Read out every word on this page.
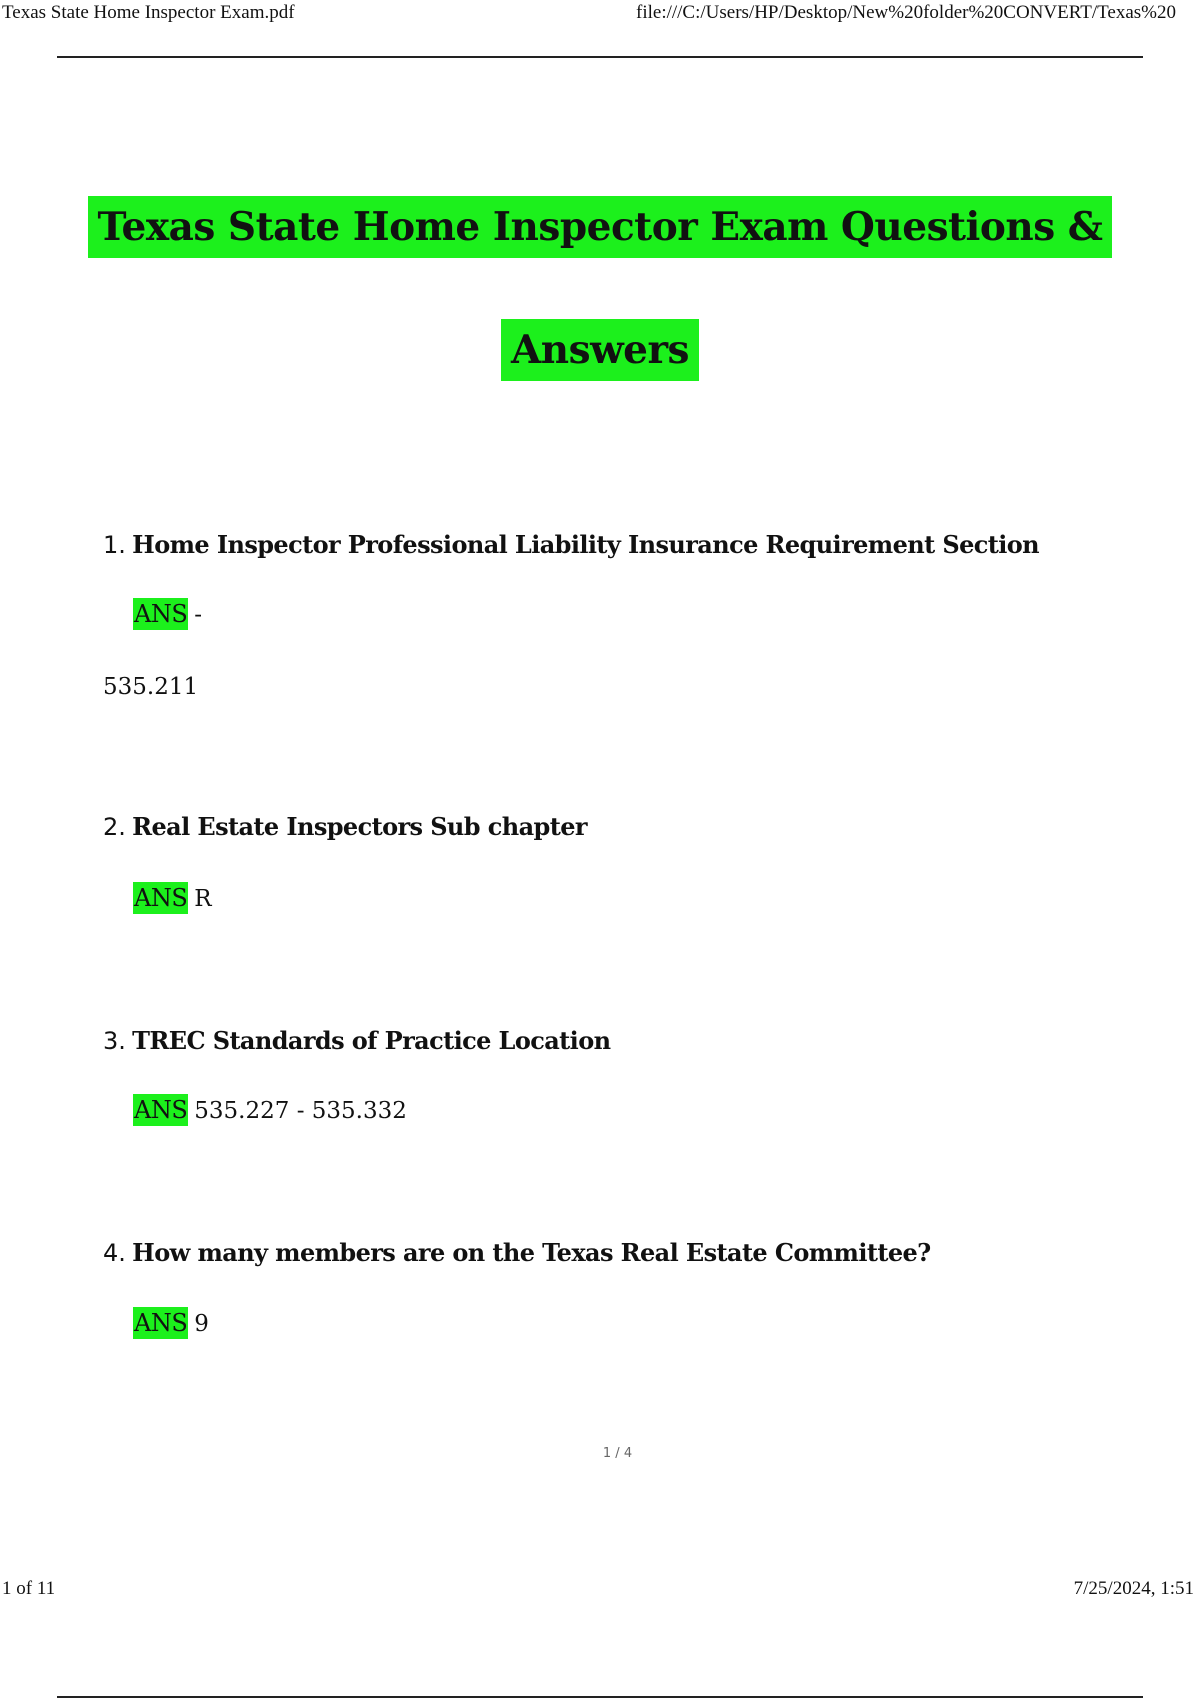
Texas State Home Inspector Exam.pdf	file:///C:/Users/HP/Desktop/New%20folder%20CONVERT/Texas%20
Texas State Home Inspector Exam Questions &
Answers
1. Home Inspector Professional Liability Insurance Requirement Section
ANS -
535.211
2. Real Estate Inspectors Sub chapter
ANS R
3. TREC Standards of Practice Location
ANS 535.227 - 535.332
4. How many members are on the Texas Real Estate Committee?
ANS 9
1 / 4
1 of 11	7/25/2024, 1:51
